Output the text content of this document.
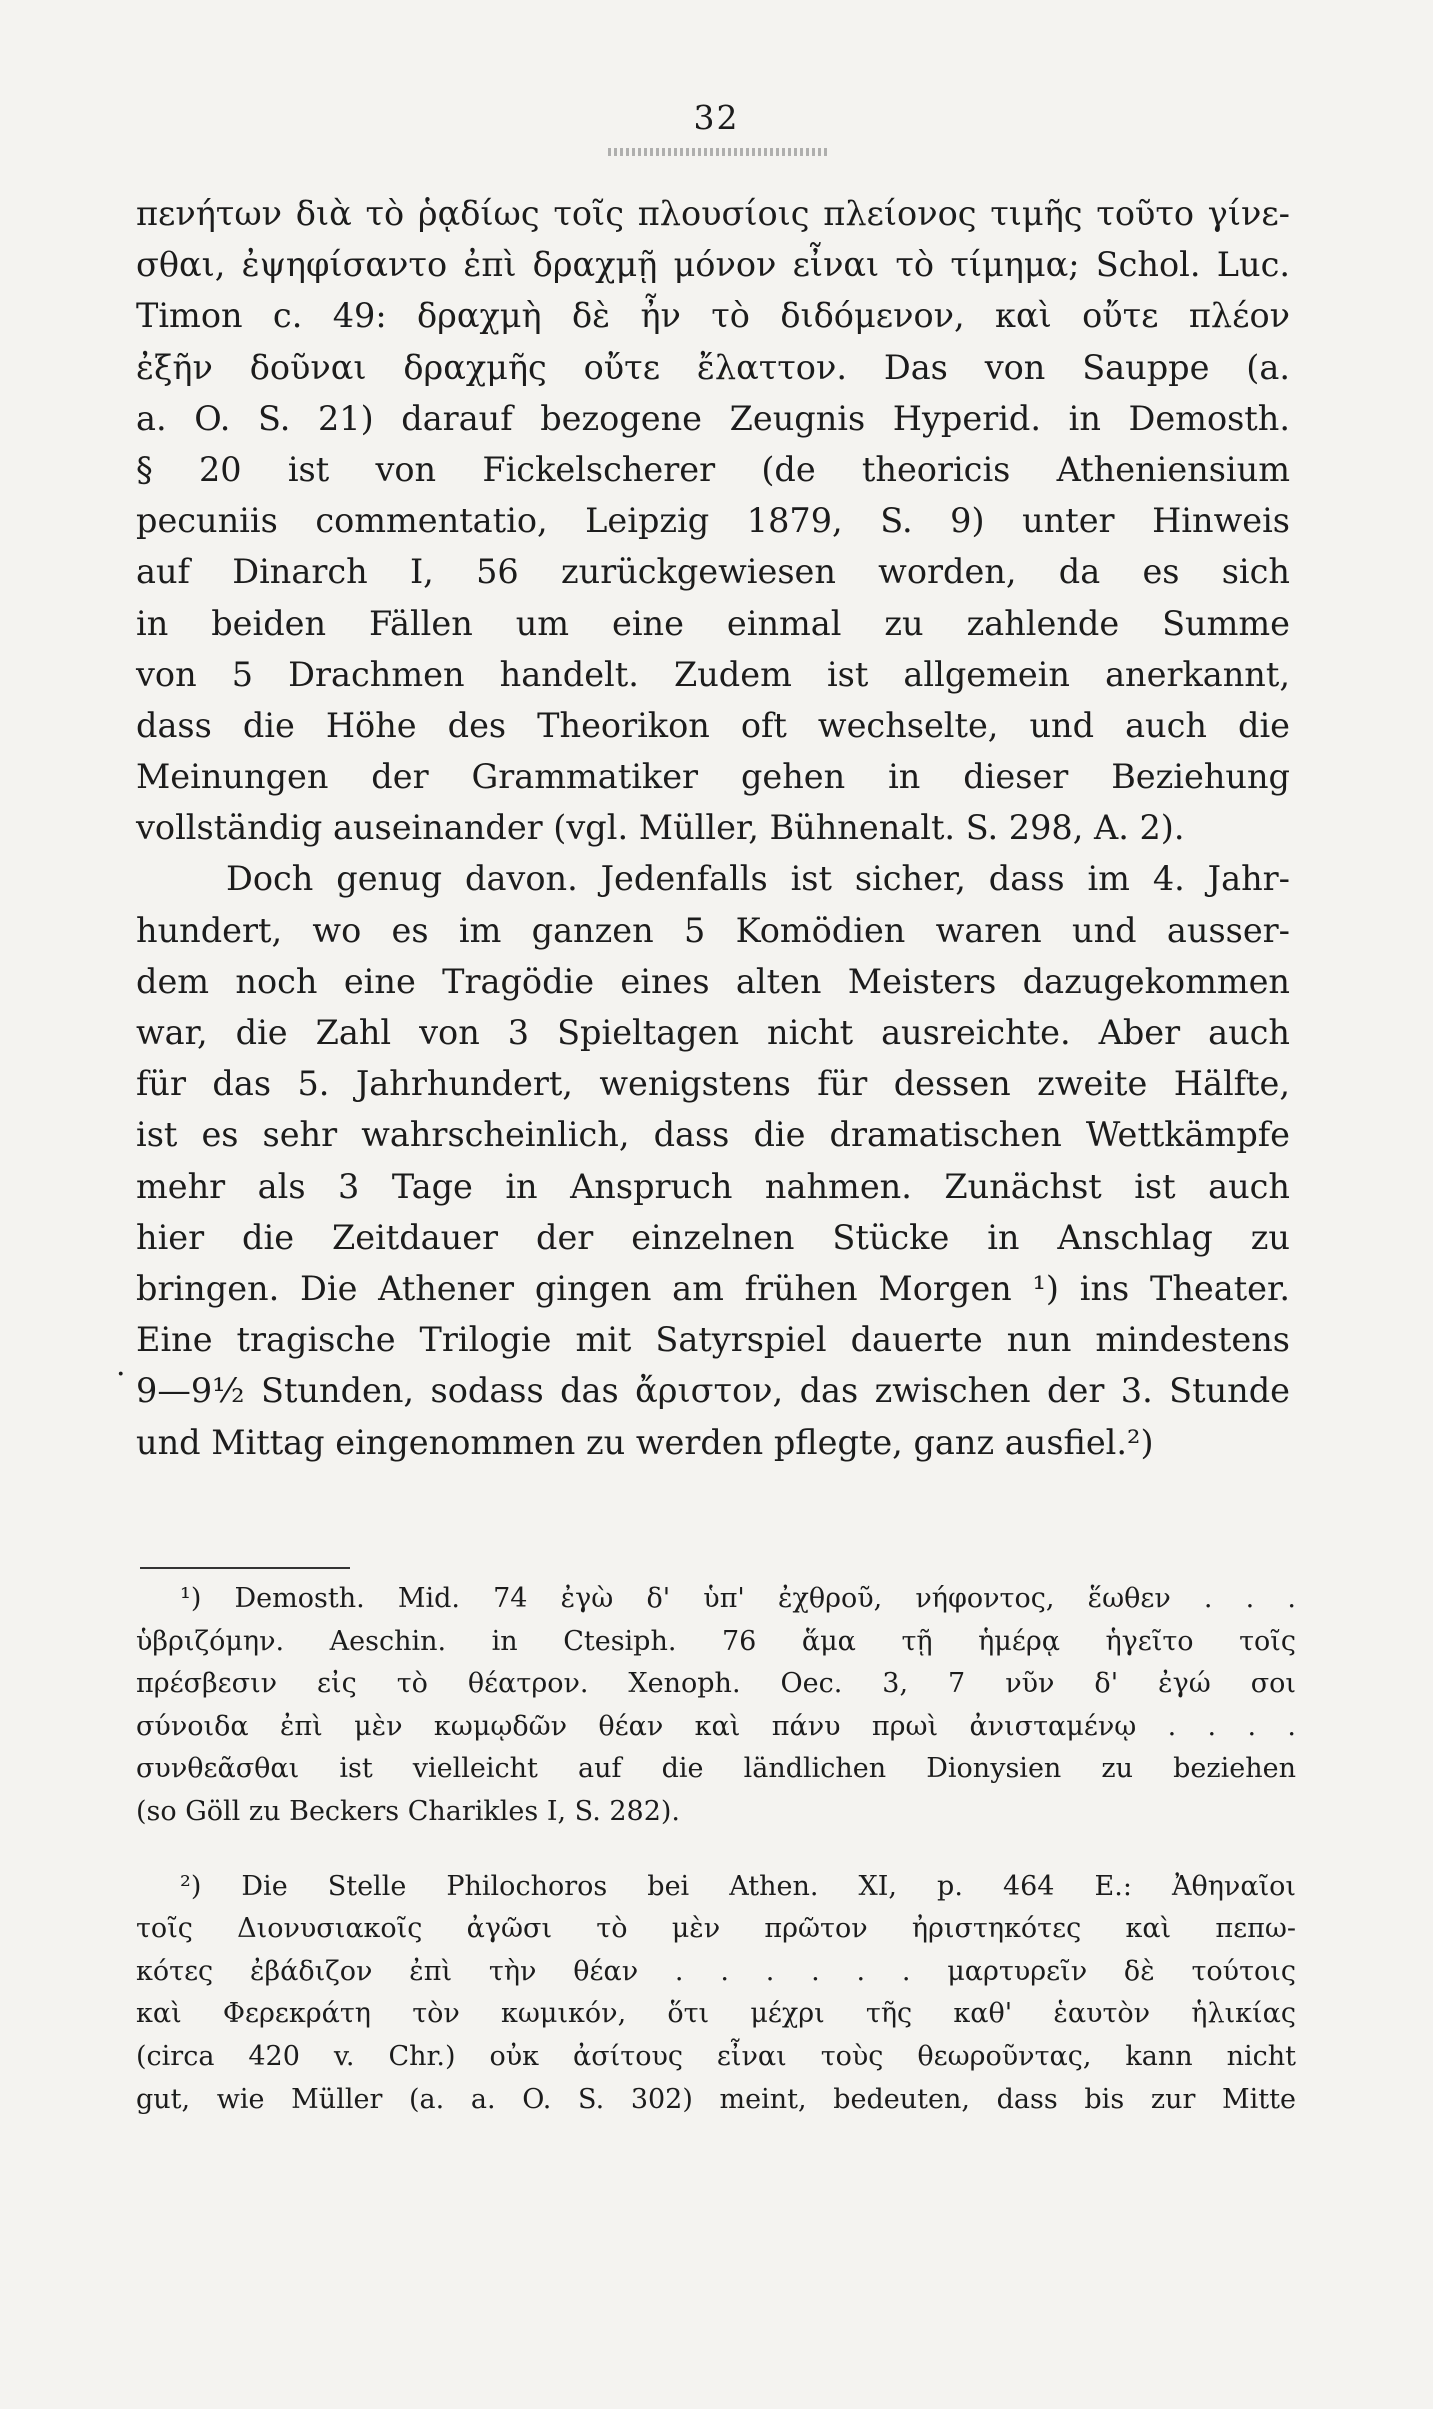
32
πενήτων διὰ τὸ ῥᾳδίως τοῖς πλουσίοις πλείονος τιμῆς τοῦτο γίνε-
σθαι, ἐψηφίσαντο ἐπὶ δραχμῇ μόνον εἶναι τὸ τίμημα; Schol. Luc.
Timon c. 49: δραχμὴ δὲ ἦν τὸ διδόμενον, καὶ οὔτε πλέον
ἐξῆν δοῦναι δραχμῆς οὔτε ἔλαττον. Das von Sauppe (a.
a. O. S. 21) darauf bezogene Zeugnis Hyperid. in Demosth.
§ 20 ist von Fickelscherer (de theoricis Atheniensium
pecuniis commentatio, Leipzig 1879, S. 9) unter Hinweis
auf Dinarch I, 56 zurückgewiesen worden, da es sich
in beiden Fällen um eine einmal zu zahlende Summe
von 5 Drachmen handelt. Zudem ist allgemein anerkannt,
dass die Höhe des Theorikon oft wechselte, und auch die
Meinungen der Grammatiker gehen in dieser Beziehung
vollständig auseinander (vgl. Müller, Bühnenalt. S. 298, A. 2).
Doch genug davon. Jedenfalls ist sicher, dass im 4. Jahr-
hundert, wo es im ganzen 5 Komödien waren und ausser-
dem noch eine Tragödie eines alten Meisters dazugekommen
war, die Zahl von 3 Spieltagen nicht ausreichte. Aber auch
für das 5. Jahrhundert, wenigstens für dessen zweite Hälfte,
ist es sehr wahrscheinlich, dass die dramatischen Wettkämpfe
mehr als 3 Tage in Anspruch nahmen. Zunächst ist auch
hier die Zeitdauer der einzelnen Stücke in Anschlag zu
bringen. Die Athener gingen am frühen Morgen ¹) ins Theater.
Eine tragische Trilogie mit Satyrspiel dauerte nun mindestens
9—9½ Stunden, sodass das ἄριστον, das zwischen der 3. Stunde
und Mittag eingenommen zu werden pflegte, ganz ausfiel.²)
·
¹) Demosth. Mid. 74 ἐγὼ δ' ὑπ' ἐχθροῦ, νήφοντος, ἕωθεν . . .
ὑβριζόμην. Aeschin. in Ctesiph. 76 ἅμα τῇ ἡμέρᾳ ἡγεῖτο τοῖς
πρέσβεσιν εἰς τὸ θέατρον. Xenoph. Oec. 3, 7 νῦν δ' ἐγώ σοι
σύνοιδα ἐπὶ μὲν κωμῳδῶν θέαν καὶ πάνυ πρωὶ ἀνισταμένῳ . . . .
συνθεᾶσθαι ist vielleicht auf die ländlichen Dionysien zu beziehen
(so Göll zu Beckers Charikles I, S. 282).
²) Die Stelle Philochoros bei Athen. XI, p. 464 E.: Ἀθηναῖοι
τοῖς Διονυσιακοῖς ἀγῶσι τὸ μὲν πρῶτον ἠριστηκότες καὶ πεπω-
κότες ἐβάδιζον ἐπὶ τὴν θέαν . . . . . . μαρτυρεῖν δὲ τούτοις
καὶ Φερεκράτη τὸν κωμικόν, ὅτι μέχρι τῆς καθ' ἑαυτὸν ἡλικίας
(circa 420 v. Chr.) οὐκ ἀσίτους εἶναι τοὺς θεωροῦντας, kann nicht
gut, wie Müller (a. a. O. S. 302) meint, bedeuten, dass bis zur Mitte
